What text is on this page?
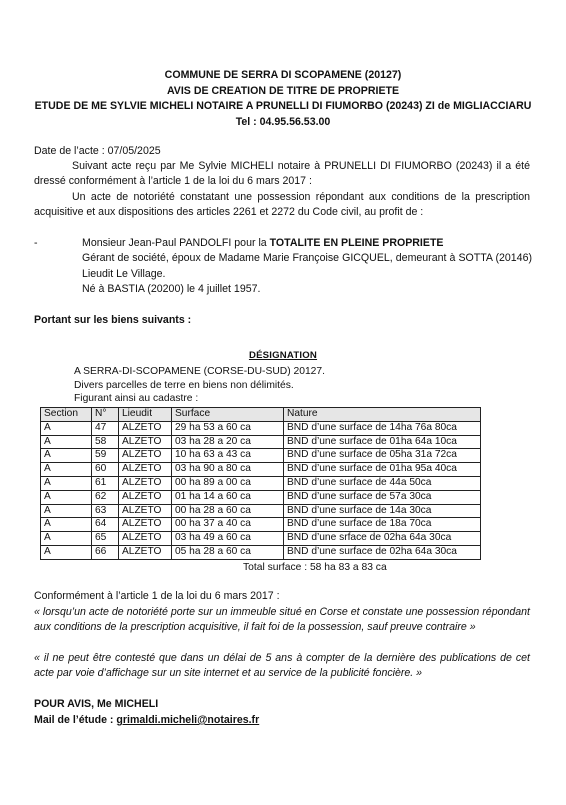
COMMUNE DE SERRA DI SCOPAMENE (20127)
AVIS DE CREATION DE TITRE DE PROPRIETE
ETUDE DE ME SYLVIE MICHELI NOTAIRE A PRUNELLI DI FIUMORBO (20243) ZI de MIGLIACCIARU
Tel : 04.95.56.53.00
Date de l’acte : 07/05/2025
Suivant acte reçu par Me Sylvie MICHELI notaire à PRUNELLI DI FIUMORBO (20243) il a été dressé conformément à l’article 1 de la loi du 6 mars 2017 :
Un acte de notoriété constatant une possession répondant aux conditions de la prescription acquisitive et aux dispositions des articles 2261 et 2272 du Code civil, au profit de :
-	Monsieur Jean-Paul PANDOLFI pour la TOTALITE EN PLEINE PROPRIETE
Gérant de société, époux de Madame Marie Françoise GICQUEL, demeurant à SOTTA (20146) Lieudit Le Village.
Né à BASTIA (20200) le 4 juillet 1957.
Portant sur les biens suivants :
DÉSIGNATION
A SERRA-DI-SCOPAMENE (CORSE-DU-SUD) 20127.
Divers parcelles de terre en biens non délimités.
Figurant ainsi au cadastre :
Section	N°	Lieudit	Surface	Nature
A	47	ALZETO	29 ha 53 a 60 ca	BND d’une surface de 14ha 76a 80ca
A	58	ALZETO	03 ha 28 a 20 ca	BND d’une surface de 01ha 64a 10ca
A	59	ALZETO	10 ha 63 a 43 ca	BND d’une surface de 05ha 31a 72ca
A	60	ALZETO	03 ha 90 a 80 ca	BND d’une surface de 01ha 95a 40ca
A	61	ALZETO	00 ha 89 a 00 ca	BND d’une surface de 44a 50ca
A	62	ALZETO	01 ha 14 a 60 ca	BND d’une surface de 57a 30ca
A	63	ALZETO	00 ha 28 a 60 ca	BND d’une surface de 14a 30ca
A	64	ALZETO	00 ha 37 a 40 ca	BND d’une surface de 18a 70ca
A	65	ALZETO	03 ha 49 a 60 ca	BND d’une srface de 02ha 64a 30ca
A	66	ALZETO	05 ha 28 a 60 ca	BND d’une surface de 02ha 64a 30ca
Total surface : 58 ha 83 a 83 ca
Conformément à l’article 1 de la loi du 6 mars 2017 :
« lorsqu’un acte de notoriété porte sur un immeuble situé en Corse et constate une possession répondant aux conditions de la prescription acquisitive, il fait foi de la possession, sauf preuve contraire »
« il ne peut être contesté que dans un délai de 5 ans à compter de la dernière des publications de cet acte par voie d’affichage sur un site internet et au service de la publicité foncière. »
POUR AVIS, Me MICHELI
Mail de l’étude : grimaldi.micheli@notaires.fr
